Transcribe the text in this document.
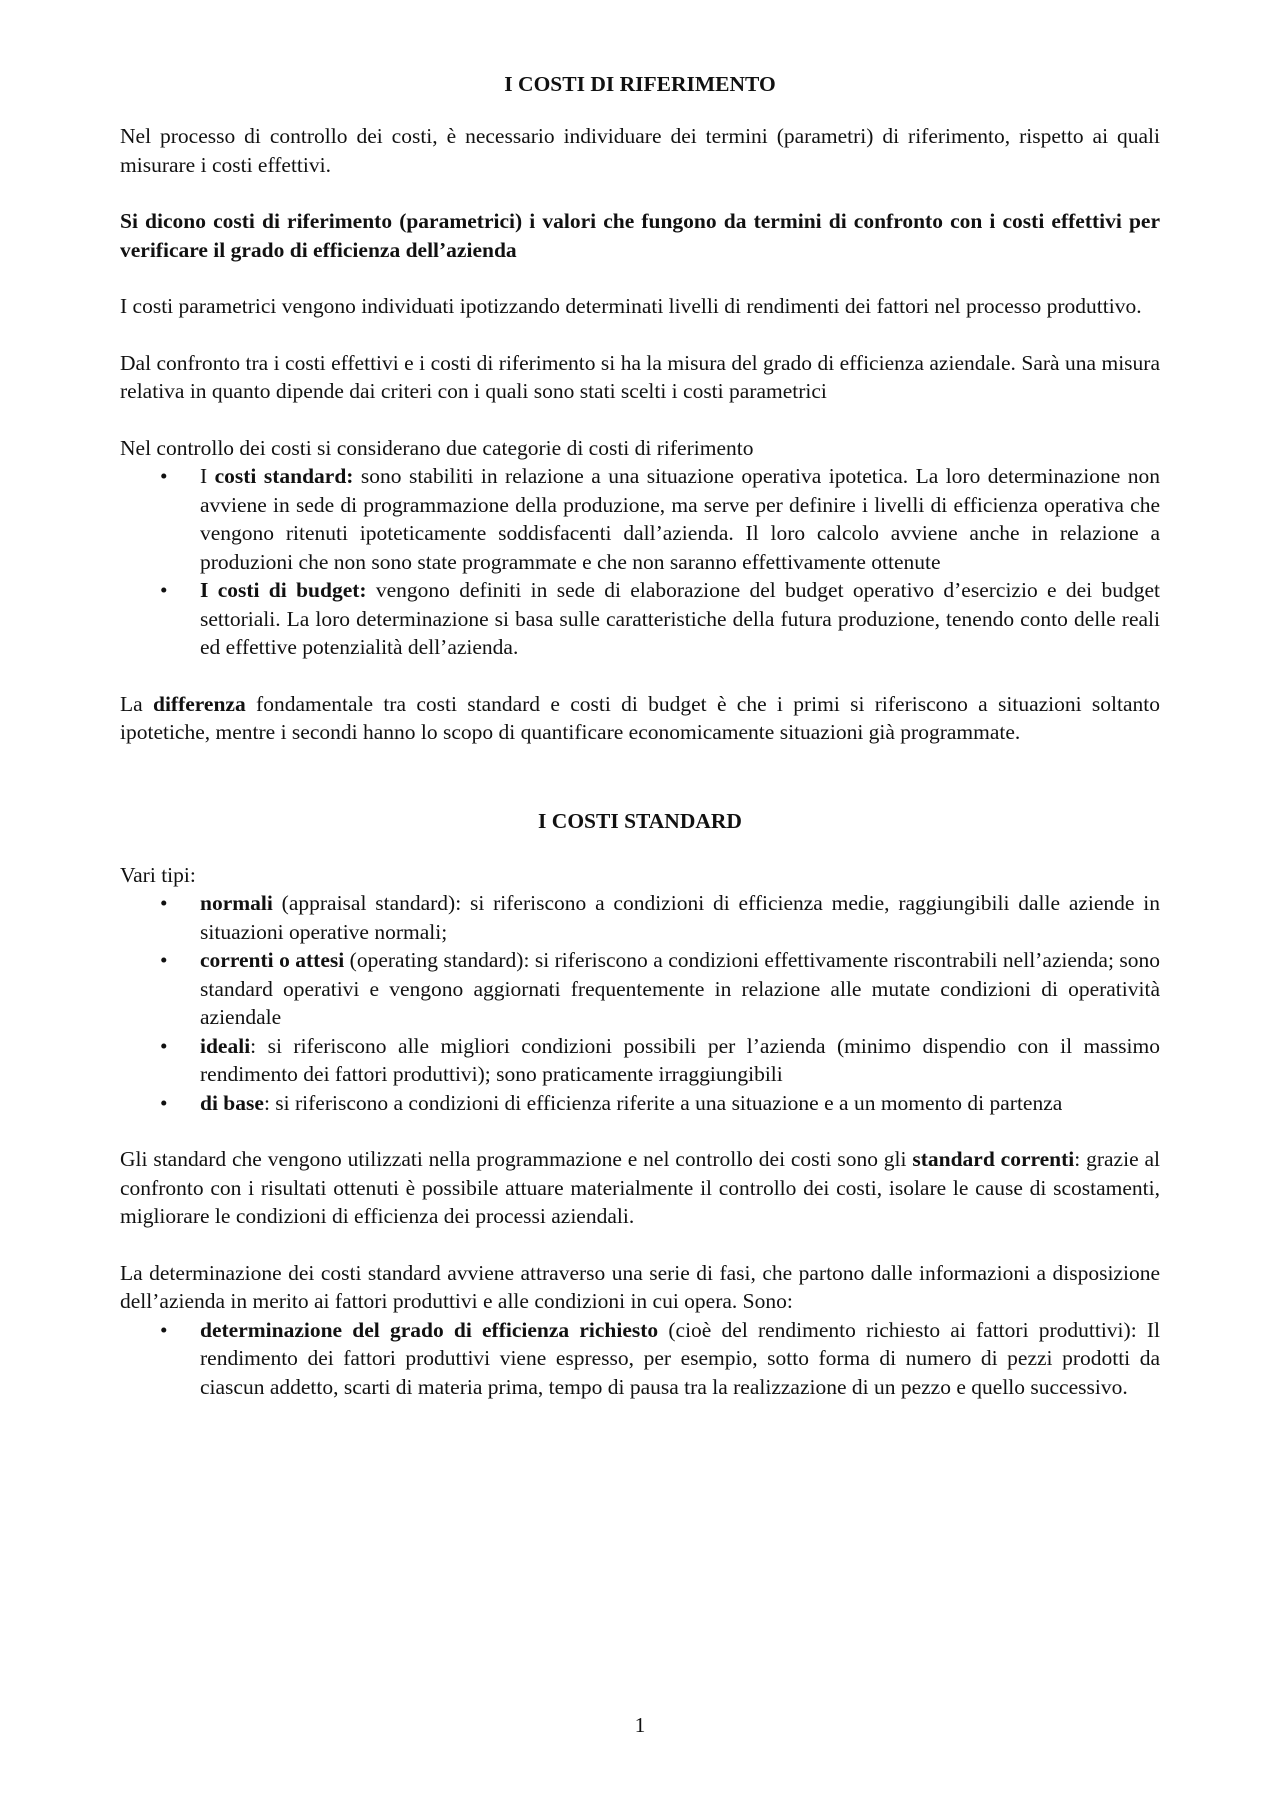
I COSTI DI RIFERIMENTO

Nel processo di controllo dei costi, è necessario individuare dei termini (parametri) di riferimento, rispetto ai quali misurare i costi effettivi.

Si dicono costi di riferimento (parametrici) i valori che fungono da termini di confronto con i costi effettivi per verificare il grado di efficienza dell’azienda

I costi parametrici vengono individuati ipotizzando determinati livelli di rendimenti dei fattori nel processo produttivo.

Dal confronto tra i costi effettivi e i costi di riferimento si ha la misura del grado di efficienza aziendale. Sarà una misura relativa in quanto dipende dai criteri con i quali sono stati scelti i costi parametrici

Nel controllo dei costi si considerano due categorie di costi di riferimento

•	I costi standard: sono stabiliti in relazione a una situazione operativa ipotetica. La loro determinazione non avviene in sede di programmazione della produzione, ma serve per definire i livelli di efficienza operativa che vengono ritenuti ipoteticamente soddisfacenti dall’azienda. Il loro calcolo avviene anche in relazione a produzioni che non sono state programmate e che non saranno effettivamente ottenute
•	I costi di budget: vengono definiti in sede di elaborazione del budget operativo d’esercizio e dei budget settoriali. La loro determinazione si basa sulle caratteristiche della futura produzione, tenendo conto delle reali ed effettive potenzialità dell’azienda.

La differenza fondamentale tra costi standard e costi di budget è che i primi si riferiscono a situazioni soltanto ipotetiche, mentre i secondi hanno lo scopo di quantificare economicamente situazioni già programmate.

I COSTI STANDARD

Vari tipi:

•	normali (appraisal standard): si riferiscono a condizioni di efficienza medie, raggiungibili dalle aziende in situazioni operative normali;
•	correnti o attesi (operating standard): si riferiscono a condizioni effettivamente riscontrabili nell’azienda; sono standard operativi e vengono aggiornati frequentemente in relazione alle mutate condizioni di operatività aziendale
•	ideali: si riferiscono alle migliori condizioni possibili per l’azienda (minimo dispendio con il massimo rendimento dei fattori produttivi); sono praticamente irraggiungibili
•	di base: si riferiscono a condizioni di efficienza riferite a una situazione e a un momento di partenza

Gli standard che vengono utilizzati nella programmazione e nel controllo dei costi sono gli standard correnti: grazie al confronto con i risultati ottenuti è possibile attuare materialmente il controllo dei costi, isolare le cause di scostamenti, migliorare le condizioni di efficienza dei processi aziendali.

La determinazione dei costi standard avviene attraverso una serie di fasi, che partono dalle informazioni a disposizione dell’azienda in merito ai fattori produttivi e alle condizioni in cui opera. Sono:

•	determinazione del grado di efficienza richiesto (cioè del rendimento richiesto ai fattori produttivi): Il rendimento dei fattori produttivi viene espresso, per esempio, sotto forma di numero di pezzi prodotti da ciascun addetto, scarti di materia prima, tempo di pausa tra la realizzazione di un pezzo e quello successivo.
1
